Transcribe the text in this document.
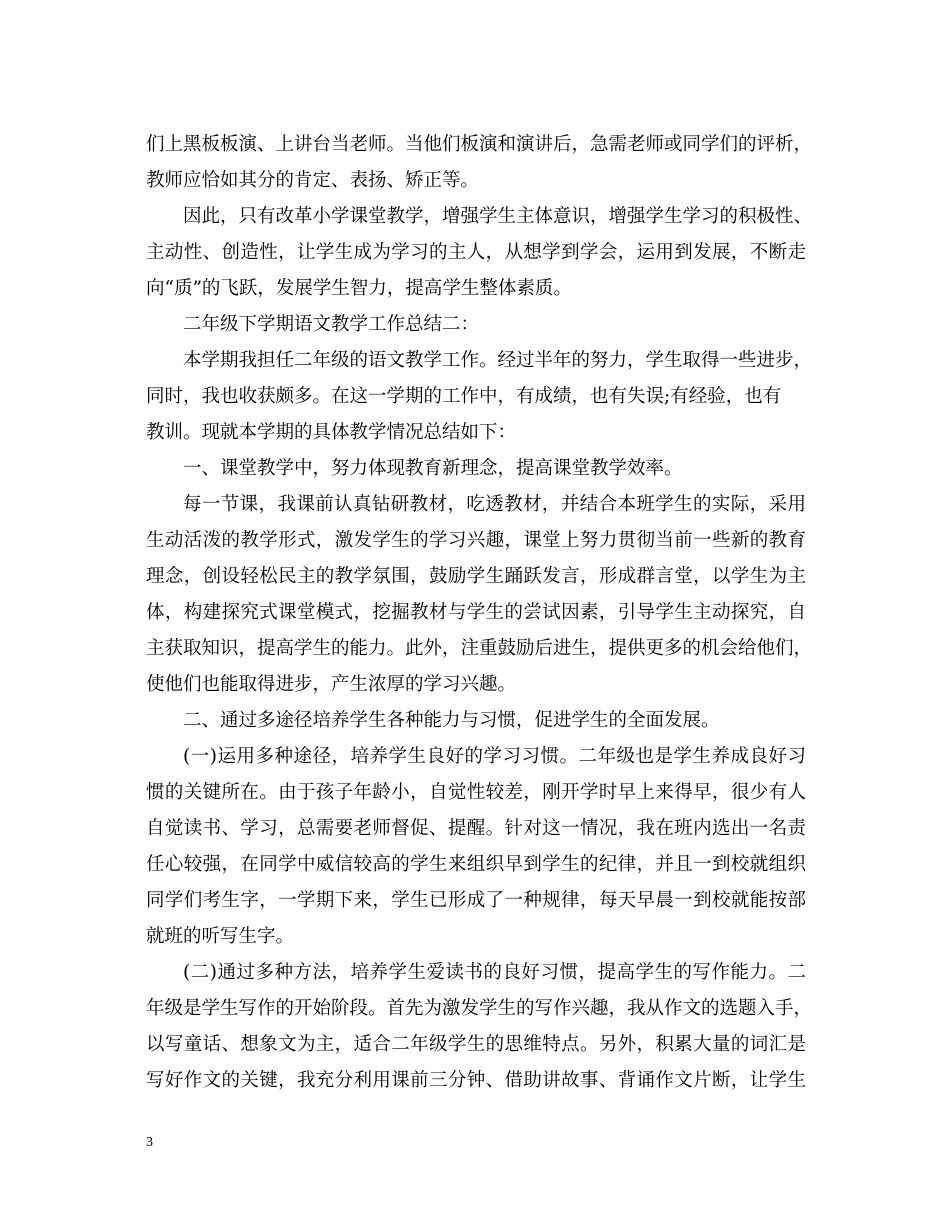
们上黑板板演、上讲台当老师。当他们板演和演讲后，急需老师或同学们的评析，
教师应恰如其分的肯定、表扬、矫正等。
因此，只有改革小学课堂教学，增强学生主体意识，增强学生学习的积极性、
主动性、创造性，让学生成为学习的主人，从想学到学会，运用到发展，不断走
向“质”的飞跃，发展学生智力，提高学生整体素质。
二年级下学期语文教学工作总结二：
本学期我担任二年级的语文教学工作。经过半年的努力，学生取得一些进步，
同时，我也收获颇多。在这一学期的工作中，有成绩，也有失误;有经验，也有
教训。现就本学期的具体教学情况总结如下：
一、课堂教学中，努力体现教育新理念，提高课堂教学效率。
每一节课，我课前认真钻研教材，吃透教材，并结合本班学生的实际，采用
生动活泼的教学形式，激发学生的学习兴趣，课堂上努力贯彻当前一些新的教育
理念，创设轻松民主的教学氛围，鼓励学生踊跃发言，形成群言堂，以学生为主
体，构建探究式课堂模式，挖掘教材与学生的尝试因素，引导学生主动探究，自
主获取知识，提高学生的能力。此外，注重鼓励后进生，提供更多的机会给他们，
使他们也能取得进步，产生浓厚的学习兴趣。
二、通过多途径培养学生各种能力与习惯，促进学生的全面发展。
(一)运用多种途径，培养学生良好的学习习惯。二年级也是学生养成良好习
惯的关键所在。由于孩子年龄小，自觉性较差，刚开学时早上来得早，很少有人
自觉读书、学习，总需要老师督促、提醒。针对这一情况，我在班内选出一名责
任心较强，在同学中威信较高的学生来组织早到学生的纪律，并且一到校就组织
同学们考生字，一学期下来，学生已形成了一种规律，每天早晨一到校就能按部
就班的听写生字。
(二)通过多种方法，培养学生爱读书的良好习惯，提高学生的写作能力。二
年级是学生写作的开始阶段。首先为激发学生的写作兴趣，我从作文的选题入手，
以写童话、想象文为主，适合二年级学生的思维特点。另外，积累大量的词汇是
写好作文的关键，我充分利用课前三分钟、借助讲故事、背诵作文片断，让学生
3
